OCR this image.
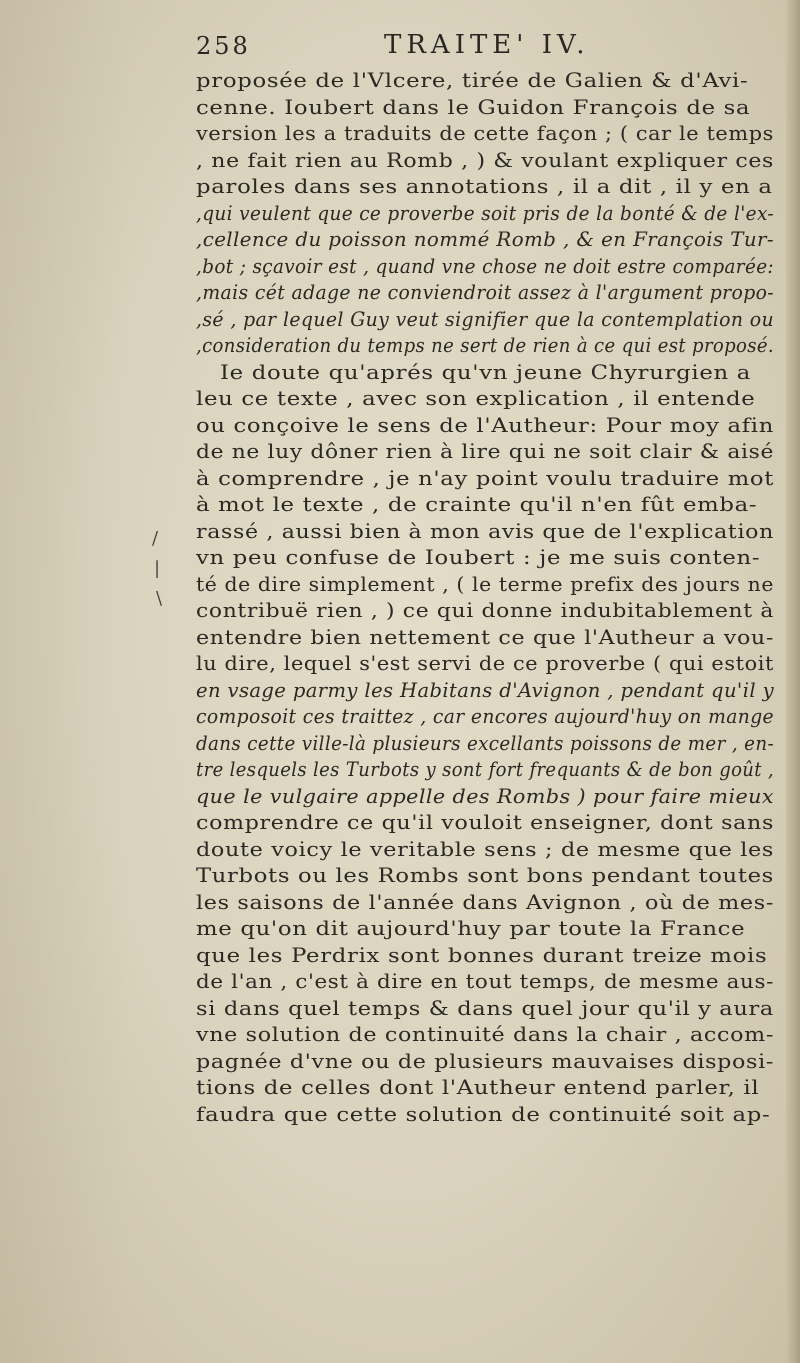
258	TRAITE' IV.
/
|
\
proposée de l'Vlcere, tirée de Galien & d'Avi-
cenne. Ioubert dans le Guidon François de sa
version les a traduits de cette façon ; ( car le temps
, ne fait rien au Romb , ) & voulant expliquer ces
paroles dans ses annotations , il a dit , il y en a
,qui veulent que ce proverbe soit pris de la bonté & de l'ex-
,cellence du poisson nommé Romb , & en François Tur-
,bot ; sçavoir est , quand vne chose ne doit estre comparée:
,mais cét adage ne conviendroit assez à l'argument propo-
,sé , par lequel Guy veut signifier que la contemplation ou
,consideration du temps ne sert de rien à ce qui est proposé.
Ie doute qu'aprés qu'vn jeune Chyrurgien a
leu ce texte , avec son explication , il entende
ou conçoive le sens de l'Autheur: Pour moy afin
de ne luy dôner rien à lire qui ne soit clair & aisé
à comprendre , je n'ay point voulu traduire mot
à mot le texte , de crainte qu'il n'en fût emba-
rassé , aussi bien à mon avis que de l'explication
vn peu confuse de Ioubert : je me suis conten-
té de dire simplement , ( le terme prefix des jours ne
contribuë rien , ) ce qui donne indubitablement à
entendre bien nettement ce que l'Autheur a vou-
lu dire, lequel s'est servi de ce proverbe ( qui estoit
en vsage parmy les Habitans d'Avignon , pendant qu'il y
composoit ces traittez , car encores aujourd'huy on mange
dans cette ville-là plusieurs excellants poissons de mer , en-
tre lesquels les Turbots y sont fort frequants & de bon goût ,
que le vulgaire appelle des Rombs ) pour faire mieux
comprendre ce qu'il vouloit enseigner, dont sans
doute voicy le veritable sens ; de mesme que les
Turbots ou les Rombs sont bons pendant toutes
les saisons de l'année dans Avignon , où de mes-
me qu'on dit aujourd'huy par toute la France
que les Perdrix sont bonnes durant treize mois
de l'an , c'est à dire en tout temps, de mesme aus-
si dans quel temps & dans quel jour qu'il y aura
vne solution de continuité dans la chair , accom-
pagnée d'vne ou de plusieurs mauvaises disposi-
tions de celles dont l'Autheur entend parler, il
faudra que cette solution de continuité soit ap-
